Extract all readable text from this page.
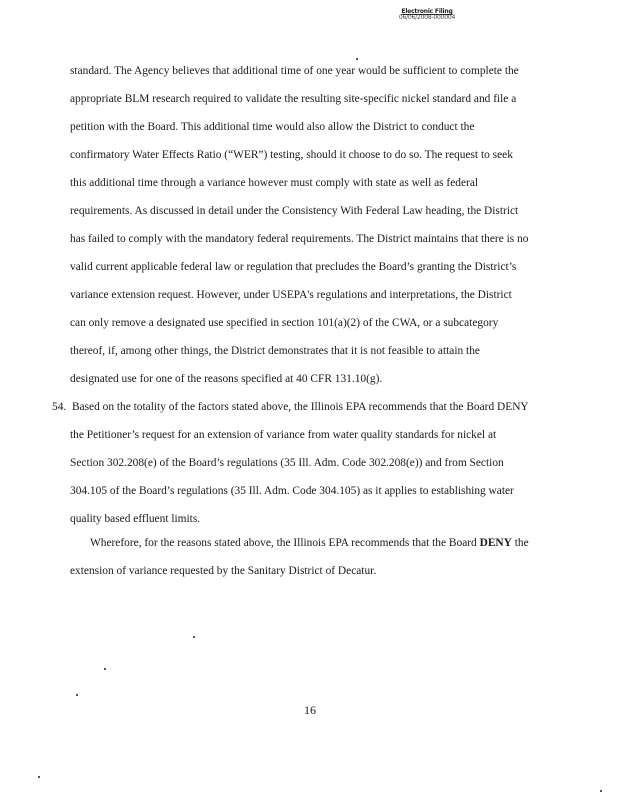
Electronic Filing
06/06/2008-000004
standard. The Agency believes that additional time of one year would be sufficient to complete the
appropriate BLM research required to validate the resulting site-specific nickel standard and file a
petition with the Board. This additional time would also allow the District to conduct the
confirmatory Water Effects Ratio (“WER”) testing, should it choose to do so. The request to seek
this additional time through a variance however must comply with state as well as federal
requirements. As discussed in detail under the Consistency With Federal Law heading, the District
has failed to comply with the mandatory federal requirements. The District maintains that there is no
valid current applicable federal law or regulation that precludes the Board’s granting the District’s
variance extension request. However, under USEPA's regulations and interpretations, the District
can only remove a designated use specified in section 101(a)(2) of the CWA, or a subcategory
thereof, if, among other things, the District demonstrates that it is not feasible to attain the
designated use for one of the reasons specified at 40 CFR 131.10(g).
54. Based on the totality of the factors stated above, the Illinois EPA recommends that the Board DENY
the Petitioner’s request for an extension of variance from water quality standards for nickel at
Section 302.208(e) of the Board’s regulations (35 Ill. Adm. Code 302.208(e)) and from Section
304.105 of the Board’s regulations (35 Ill. Adm. Code 304.105) as it applies to establishing water
quality based effluent limits.
Wherefore, for the reasons stated above, the Illinois EPA recommends that the Board DENY the
extension of variance requested by the Sanitary District of Decatur.
16
